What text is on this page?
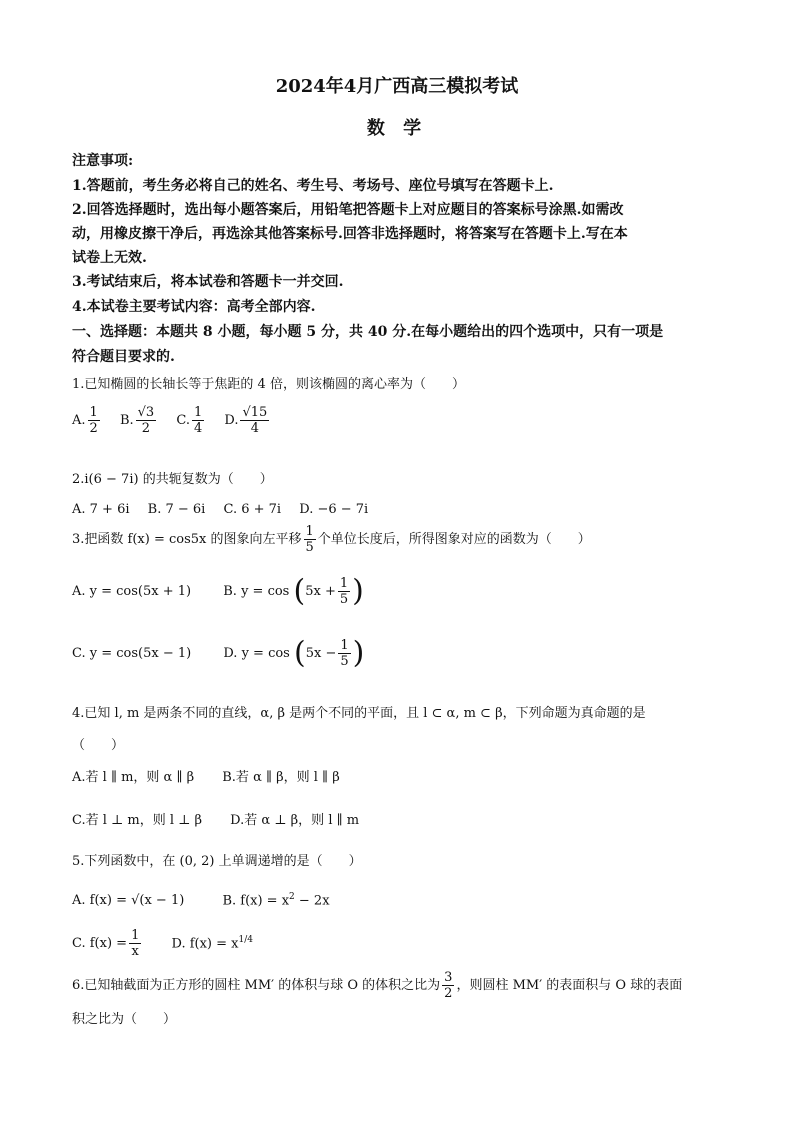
2024年4月广西高三模拟考试
数 学
注意事项:
1.答题前，考生务必将自己的姓名、考生号、考场号、座位号填写在答题卡上.
2.回答选择题时，选出每小题答案后，用铅笔把答题卡上对应题目的答案标号涂黑.如需改
动，用橡皮擦干净后，再选涂其他答案标号.回答非选择题时，将答案写在答题卡上.写在本
试卷上无效.
3.考试结束后，将本试卷和答题卡一并交回.
4.本试卷主要考试内容：高考全部内容.
一、选择题：本题共 8 小题，每小题 5 分，共 40 分.在每小题给出的四个选项中，只有一项是
符合题目要求的.
1.已知椭圆的长轴长等于焦距的 4 倍，则该椭圆的离心率为（　　）
A. $\frac{1}{2} B$. $\frac{√3}{2} C$. $\frac{1}{4} D$. $\frac{√15}{4}$
2.i(6 − 7i) 的共轭复数为（　　）
A. 7 + 6i B. 7 − 6i C. 6 + 7i D. −6 − 7i
3.把函数 f(x) = cos5x 的图象向左平移 $\frac{1}{5}$ 个单位长度后，所得图象对应的函数为（　　）
A. y = cos(5x + 1) B. $y = \cos (5x + \frac{1}{5}$ )
C. y = cos(5x − 1) D. $y = \cos (5x - \frac{1}{5}$ )
4.已知 l, m 是两条不同的直线，α, β 是两个不同的平面，且 l ⊂ α, m ⊂ β，下列命题为真命题的是
（　　）
A.若 l ∥ m，则 α ∥ β B.若 α ∥ β，则 l ∥ β
C.若 l ⊥ m，则 l ⊥ β D.若 α ⊥ β，则 l ∥ m
5.下列函数中，在 (0, 2) 上单调递增的是（　　）
A. f(x) = √(x − 1)	B. $f(x) = x^2 - 2x$
C. $f(x) = \frac{1}{x} D$. $f(x) = x^{1/4}$
6.已知轴截面为正方形的圆柱 MM′ 的体积与球 O 的体积之比为 $\frac{3}{2}$ ，则圆柱 MM′ 的表面积与 O 球的表面
积之比为（　　）
